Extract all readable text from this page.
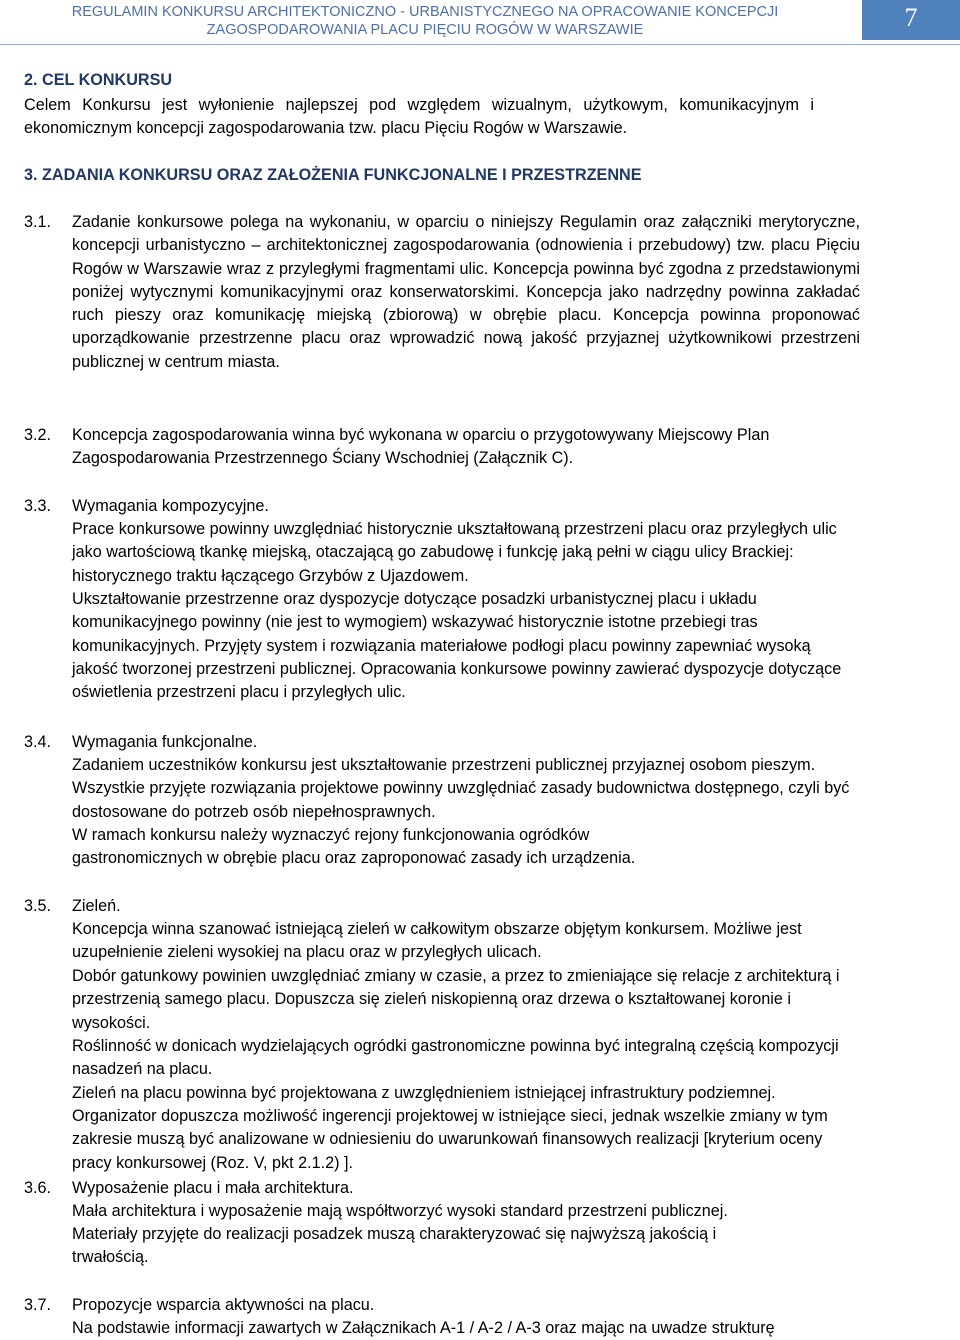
REGULAMIN KONKURSU ARCHITEKTONICZNO - URBANISTYCZNEGO NA OPRACOWANIE KONCEPCJI
ZAGOSPODAROWANIA PLACU PIĘCIU ROGÓW W WARSZAWIE	7
2. CEL KONKURSU
Celem Konkursu jest wyłonienie najlepszej pod względem wizualnym, użytkowym, komunikacyjnym i ekonomicznym koncepcji zagospodarowania tzw. placu Pięciu Rogów w Warszawie.
3. ZADANIA KONKURSU ORAZ ZAŁOŻENIA FUNKCJONALNE I PRZESTRZENNE
3.1. Zadanie konkursowe polega na wykonaniu, w oparciu o niniejszy Regulamin oraz załączniki merytoryczne, koncepcji urbanistyczno – architektonicznej zagospodarowania (odnowienia i przebudowy) tzw. placu Pięciu Rogów w Warszawie wraz z przyległymi fragmentami ulic. Koncepcja powinna być zgodna z przedstawionymi poniżej wytycznymi komunikacyjnymi oraz konserwatorskimi. Koncepcja jako nadrzędny powinna zakładać ruch pieszy oraz komunikację miejską (zbiorową) w obrębie placu. Koncepcja powinna proponować uporządkowanie przestrzenne placu oraz wprowadzić nową jakość przyjaznej użytkownikowi przestrzeni publicznej w centrum miasta.
3.2. Koncepcja zagospodarowania winna być wykonana w oparciu o przygotowywany Miejscowy Plan Zagospodarowania Przestrzennego Ściany Wschodniej (Załącznik C).
3.3. Wymagania kompozycyjne.
Prace konkursowe powinny uwzględniać historycznie ukształtowaną przestrzeni placu oraz przyległych ulic jako wartościową tkankę miejską, otaczającą go zabudowę i funkcję jaką pełni w ciągu ulicy Brackiej: historycznego traktu łączącego Grzybów z Ujazdowem.
Ukształtowanie przestrzenne oraz dyspozycje dotyczące posadzki urbanistycznej placu i układu komunikacyjnego powinny (nie jest to wymogiem) wskazywać historycznie istotne przebiegi tras komunikacyjnych. Przyjęty system i rozwiązania materiałowe podłogi placu powinny zapewniać wysoką jakość tworzonej przestrzeni publicznej. Opracowania konkursowe powinny zawierać dyspozycje dotyczące oświetlenia przestrzeni placu i przyległych ulic.
3.4. Wymagania funkcjonalne.
Zadaniem uczestników konkursu jest ukształtowanie przestrzeni publicznej przyjaznej osobom pieszym. Wszystkie przyjęte rozwiązania projektowe powinny uwzględniać zasady budownictwa dostępnego, czyli być dostosowane do potrzeb osób niepełnosprawnych.
W ramach konkursu należy wyznaczyć rejony funkcjonowania ogródków gastronomicznych w obrębie placu oraz zaproponować zasady ich urządzenia.
3.5. Zieleń.
Koncepcja winna szanować istniejącą zieleń w całkowitym obszarze objętym konkursem. Możliwe jest uzupełnienie zieleni wysokiej na placu oraz w przyległych ulicach.
Dobór gatunkowy powinien uwzględniać zmiany w czasie, a przez to zmieniające się relacje z architekturą i przestrzenią samego placu. Dopuszcza się zieleń niskopienną oraz drzewa o kształtowanej koronie i wysokości.
Roślinność w donicach wydzielających ogródki gastronomiczne powinna być integralną częścią kompozycji nasadzeń na placu.
Zieleń na placu powinna być projektowana z uwzględnieniem istniejącej infrastruktury podziemnej.
Organizator dopuszcza możliwość ingerencji projektowej w istniejące sieci, jednak wszelkie zmiany w tym zakresie muszą być analizowane w odniesieniu do uwarunkowań finansowych realizacji [kryterium oceny pracy konkursowej (Roz. V, pkt 2.1.2) ].
3.6. Wyposażenie placu i mała architektura.
Mała architektura i wyposażenie mają współtworzyć wysoki standard przestrzeni publicznej.
Materiały przyjęte do realizacji posadzek muszą charakteryzować się najwyższą jakością i trwałością.
3.7. Propozycje wsparcia aktywności na placu.
Na podstawie informacji zawartych w Załącznikach A-1 / A-2 / A-3 oraz mając na uwadze strukturę
